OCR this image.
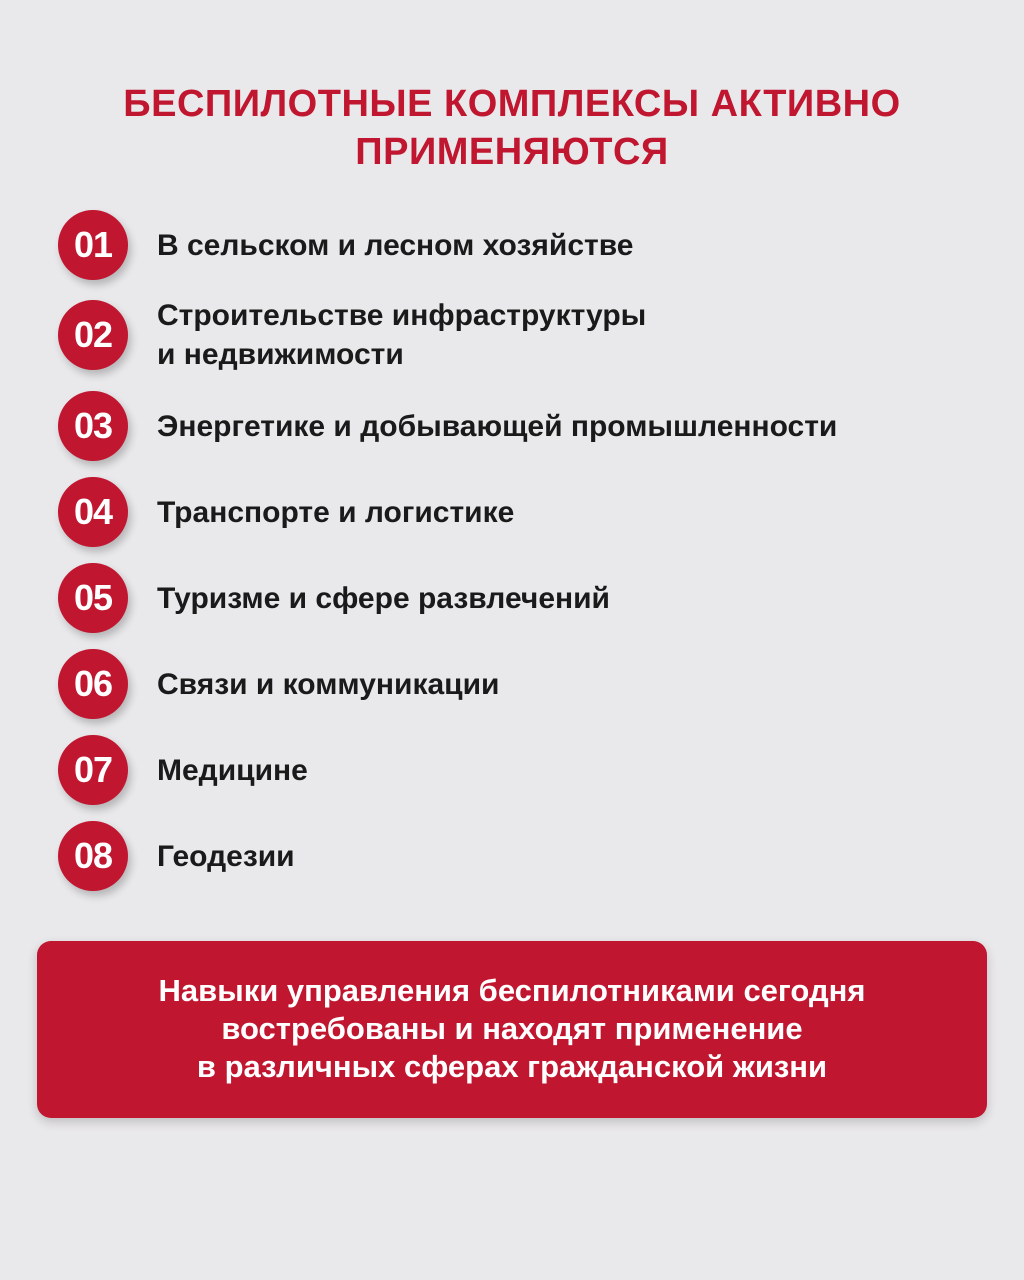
БЕСПИЛОТНЫЕ КОМПЛЕКСЫ АКТИВНО
ПРИМЕНЯЮТСЯ
01	В сельском и лесном хозяйстве
02	Строительстве инфраструктуры
и недвижимости
03	Энергетике и добывающей промышленности
04	Транспорте и логистике
05	Туризме и сфере развлечений
06	Связи и коммуникации
07	Медицине
08	Геодезии
Навыки управления беспилотниками сегодня
востребованы и находят применение
в различных сферах гражданской жизни
